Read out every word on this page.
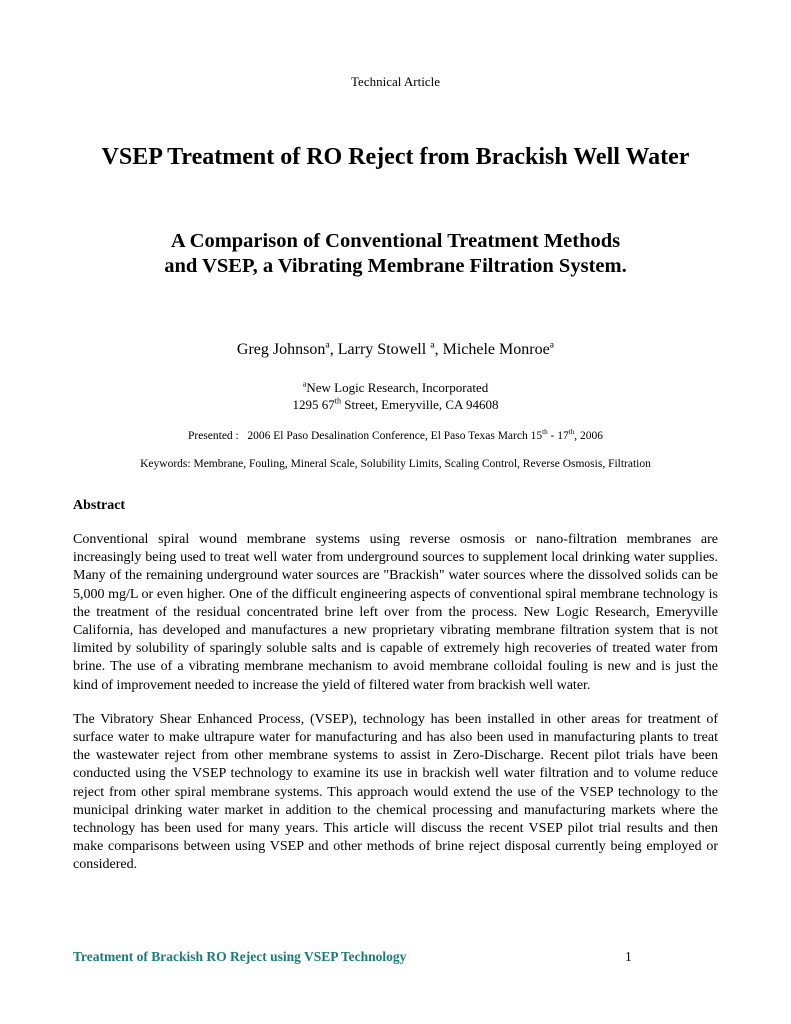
Technical Article
VSEP Treatment of RO Reject from Brackish Well Water
A Comparison of Conventional Treatment Methods
and VSEP, a Vibrating Membrane Filtration System.
Greg Johnson$^a$, Larry Stowell $^a$, Michele Monroe$^a$
$^a$New Logic Research, Incorporated
1295 67th Street, Emeryville, CA 94608
Presented :   2006 El Paso Desalination Conference, El Paso Texas March 15th - 17th, 2006
Keywords: Membrane, Fouling, Mineral Scale, Solubility Limits, Scaling Control, Reverse Osmosis, Filtration
Abstract

Conventional spiral wound membrane systems using reverse osmosis or nano-filtration membranes are increasingly being used to treat well water from underground sources to supplement local drinking water supplies. Many of the remaining underground water sources are "Brackish" water sources where the dissolved solids can be 5,000 mg/L or even higher. One of the difficult engineering aspects of conventional spiral membrane technology is the treatment of the residual concentrated brine left over from the process. New Logic Research, Emeryville California, has developed and manufactures a new proprietary vibrating membrane filtration system that is not limited by solubility of sparingly soluble salts and is capable of extremely high recoveries of treated water from brine. The use of a vibrating membrane mechanism to avoid membrane colloidal fouling is new and is just the kind of improvement needed to increase the yield of filtered water from brackish well water.

The Vibratory Shear Enhanced Process, (VSEP), technology has been installed in other areas for treatment of surface water to make ultrapure water for manufacturing and has also been used in manufacturing plants to treat the wastewater reject from other membrane systems to assist in Zero-Discharge. Recent pilot trials have been conducted using the VSEP technology to examine its use in brackish well water filtration and to volume reduce reject from other spiral membrane systems. This approach would extend the use of the VSEP technology to the municipal drinking water market in addition to the chemical processing and manufacturing markets where the technology has been used for many years. This article will discuss the recent VSEP pilot trial results and then make comparisons between using VSEP and other methods of brine reject disposal currently being employed or considered.

Treatment of Brackish RO Reject using VSEP Technology	1
